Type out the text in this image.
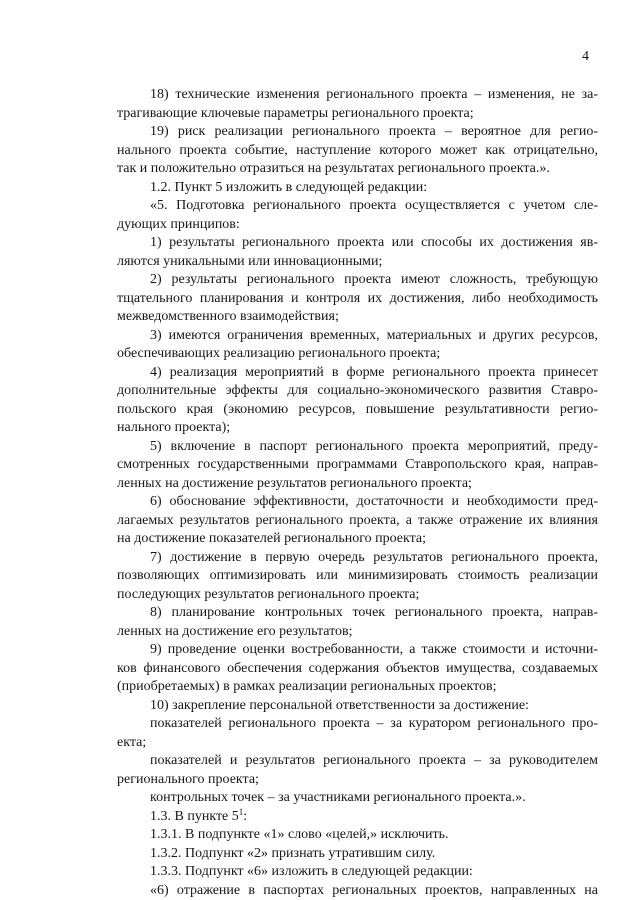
4
18) технические изменения регионального проекта – изменения, не за-
трагивающие ключевые параметры регионального проекта;
19) риск реализации регионального проекта – вероятное для регио-
нального проекта событие, наступление которого может как отрицательно,
так и положительно отразиться на результатах регионального проекта.».
1.2. Пункт 5 изложить в следующей редакции:
«5. Подготовка регионального проекта осуществляется с учетом сле-
дующих принципов:
1) результаты регионального проекта или способы их достижения яв-
ляются уникальными или инновационными;
2) результаты регионального проекта имеют сложность, требующую
тщательного планирования и контроля их достижения, либо необходимость
межведомственного взаимодействия;
3) имеются ограничения временных, материальных и других ресурсов,
обеспечивающих реализацию регионального проекта;
4) реализация мероприятий в форме регионального проекта принесет
дополнительные эффекты для социально-экономического развития Ставро-
польского края (экономию ресурсов, повышение результативности регио-
нального проекта);
5) включение в паспорт регионального проекта мероприятий, преду-
смотренных государственными программами Ставропольского края, направ-
ленных на достижение результатов регионального проекта;
6) обоснование эффективности, достаточности и необходимости пред-
лагаемых результатов регионального проекта, а также отражение их влияния
на достижение показателей регионального проекта;
7) достижение в первую очередь результатов регионального проекта,
позволяющих оптимизировать или минимизировать стоимость реализации
последующих результатов регионального проекта;
8) планирование контрольных точек регионального проекта, направ-
ленных на достижение его результатов;
9) проведение оценки востребованности, а также стоимости и источни-
ков финансового обеспечения содержания объектов имущества, создаваемых
(приобретаемых) в рамках реализации региональных проектов;
10) закрепление персональной ответственности за достижение:
показателей регионального проекта – за куратором регионального про-
екта;
показателей и результатов регионального проекта – за руководителем
регионального проекта;
контрольных точек – за участниками регионального проекта.».
1.3. В пункте $5^1$:
1.3.1. В подпункте «1» слово «целей,» исключить.
1.3.2. Подпункт «2» признать утратившим силу.
1.3.3. Подпункт «6» изложить в следующей редакции:
«6) отражение в паспортах региональных проектов, направленных на
